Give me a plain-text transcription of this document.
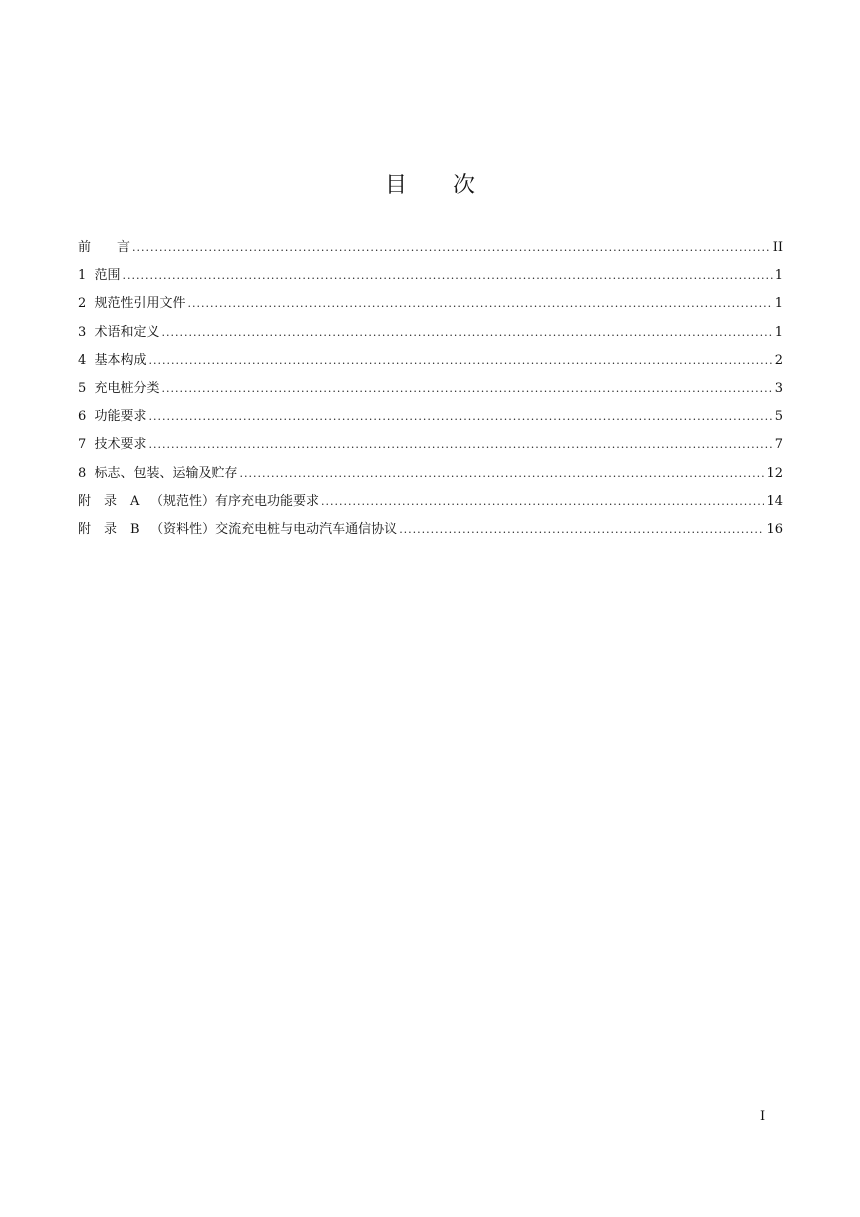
目 次
前　　言 .....	II
1  范围 .....	1
2  规范性引用文件 .....	1
3  术语和定义 .....	1
4  基本构成 .....	2
5  充电桩分类 .....	3
6  功能要求 .....	5
7  技术要求 .....	7
8  标志、包装、运输及贮存 .....	12
附　录　A 　（规范性）有序充电功能要求 .....	14
附　录　B 　（资料性）交流充电桩与电动汽车通信协议 .....	16
I
